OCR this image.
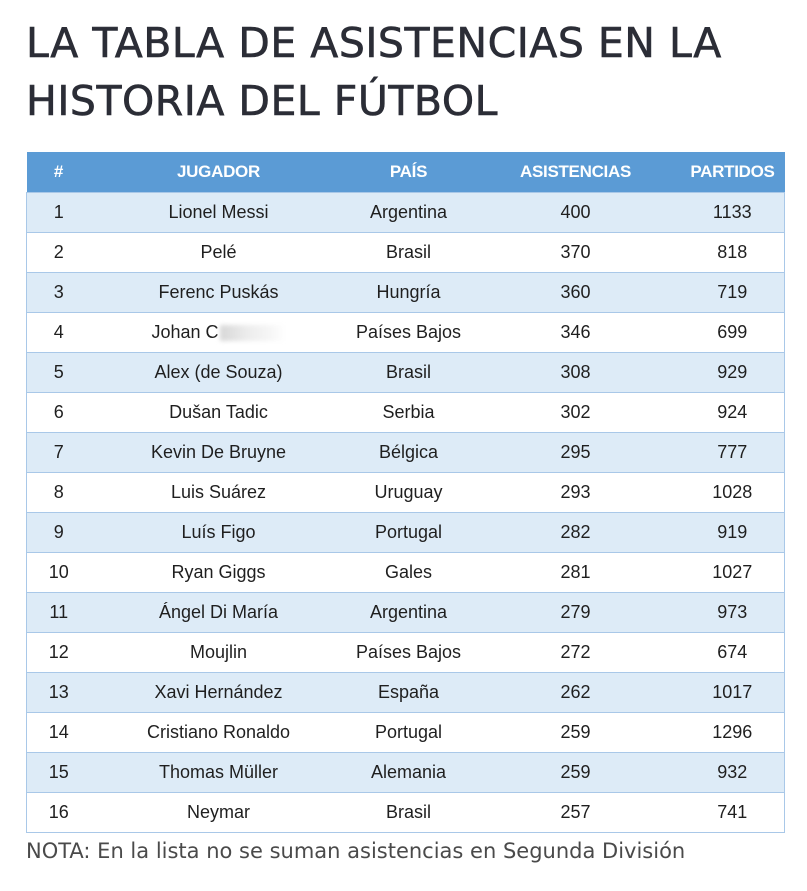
LA TABLA DE ASISTENCIAS EN LA
HISTORIA DEL FÚTBOL
#	JUGADOR	PAÍS	ASISTENCIAS	PARTIDOS
1	Lionel Messi	Argentina	400	1133
2	Pelé	Brasil	370	818
3	Ferenc Puskás	Hungría	360	719
4	Johan C	Países Bajos	346	699
5	Alex (de Souza)	Brasil	308	929
6	Dušan Tadic	Serbia	302	924
7	Kevin De Bruyne	Bélgica	295	777
8	Luis Suárez	Uruguay	293	1028
9	Luís Figo	Portugal	282	919
10	Ryan Giggs	Gales	281	1027
11	Ángel Di María	Argentina	279	973
12	Moujlin	Países Bajos	272	674
13	Xavi Hernández	España	262	1017
14	Cristiano Ronaldo	Portugal	259	1296
15	Thomas Müller	Alemania	259	932
16	Neymar	Brasil	257	741

NOTA: En la lista no se suman asistencias en Segunda División
